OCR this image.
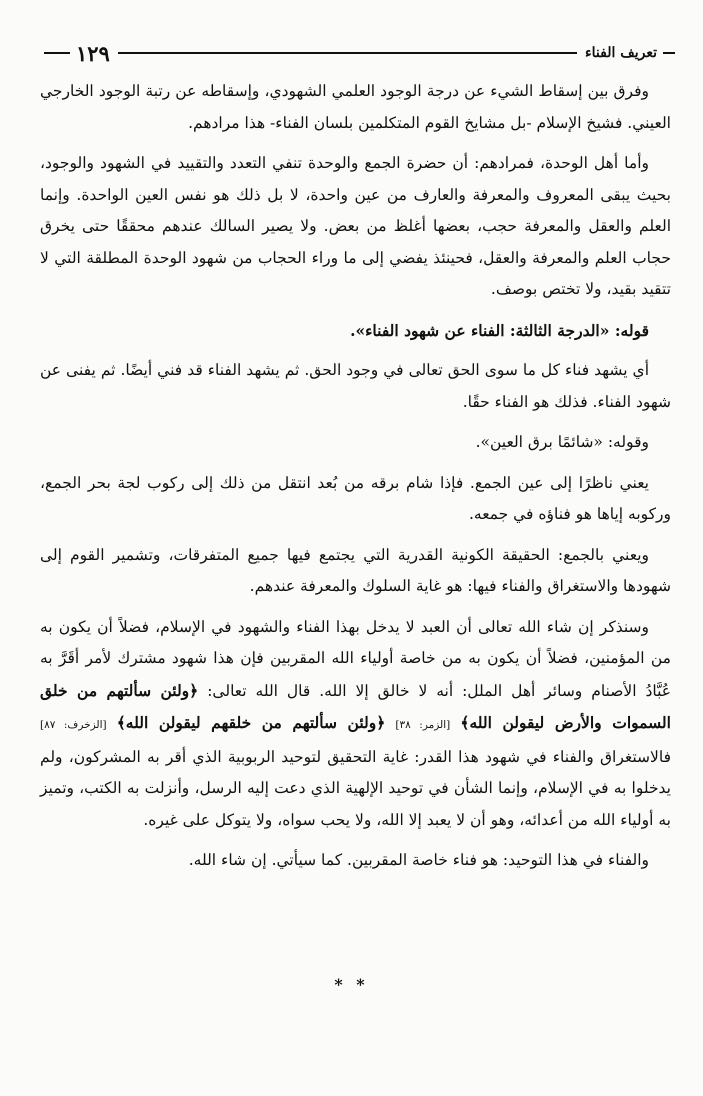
تعريف الفناء
١٢٩

وفرق بين إسقاط الشيء عن درجة الوجود العلمي الشهودي، وإسقاطه عن رتبة الوجود الخارجي العيني. فشيخ الإسلام -بل مشايخ القوم المتكلمين بلسان الفناء- هذا مرادهم.

وأما أهل الوحدة، فمرادهم: أن حضرة الجمع والوحدة تنفي التعدد والتقييد في الشهود والوجود، بحيث يبقى المعروف والمعرفة والعارف من عين واحدة، لا بل ذلك هو نفس العين الواحدة. وإنما العلم والعقل والمعرفة حجب، بعضها أغلظ من بعض. ولا يصير السالك عندهم محققًا حتى يخرق حجاب العلم والمعرفة والعقل، فحينئذ يفضي إلى ما وراء الحجاب من شهود الوحدة المطلقة التي لا تتقيد بقيد، ولا تختص بوصف.

قوله: «الدرجة الثالثة: الفناء عن شهود الفناء».

أي يشهد فناء كل ما سوى الحق تعالى في وجود الحق. ثم يشهد الفناء قد فني أيضًا. ثم يفنى عن شهود الفناء. فذلك هو الفناء حقًا.

وقوله: «شائمًا برق العين».

يعني ناظرًا إلى عين الجمع. فإذا شام برقه من بُعد انتقل من ذلك إلى ركوب لجة بحر الجمع، وركوبه إياها هو فناؤه في جمعه.

ويعني بالجمع: الحقيقة الكونية القدرية التي يجتمع فيها جميع المتفرقات، وتشمير القوم إلى شهودها والاستغراق والفناء فيها: هو غاية السلوك والمعرفة عندهم.

وسنذكر إن شاء الله تعالى أن العبد لا يدخل بهذا الفناء والشهود في الإسلام، فضلاً أن يكون به من المؤمنين، فضلاً أن يكون به من خاصة أولياء الله المقربين فإن هذا شهود مشترك لأمر أقَرَّ به عُبَّادُ الأصنام وسائر أهل الملل: أنه لا خالق إلا الله. قال الله تعالى: ﴿ولئن سألتهم من خلق السموات والأرض ليقولن الله﴾ [الزمر: ٣٨] ﴿ولئن سألتهم من خلقهم ليقولن الله﴾ [الزخرف: ٨٧] فالاستغراق والفناء في شهود هذا القدر: غاية التحقيق لتوحيد الربوبية الذي أقر به المشركون، ولم يدخلوا به في الإسلام، وإنما الشأن في توحيد الإلهية الذي دعت إليه الرسل، وأنزلت به الكتب، وتميز به أولياء الله من أعدائه، وهو أن لا يعبد إلا الله، ولا يحب سواه، ولا يتوكل على غيره.

والفناء في هذا التوحيد: هو فناء خاصة المقربين. كما سيأتي. إن شاء الله.

* *
